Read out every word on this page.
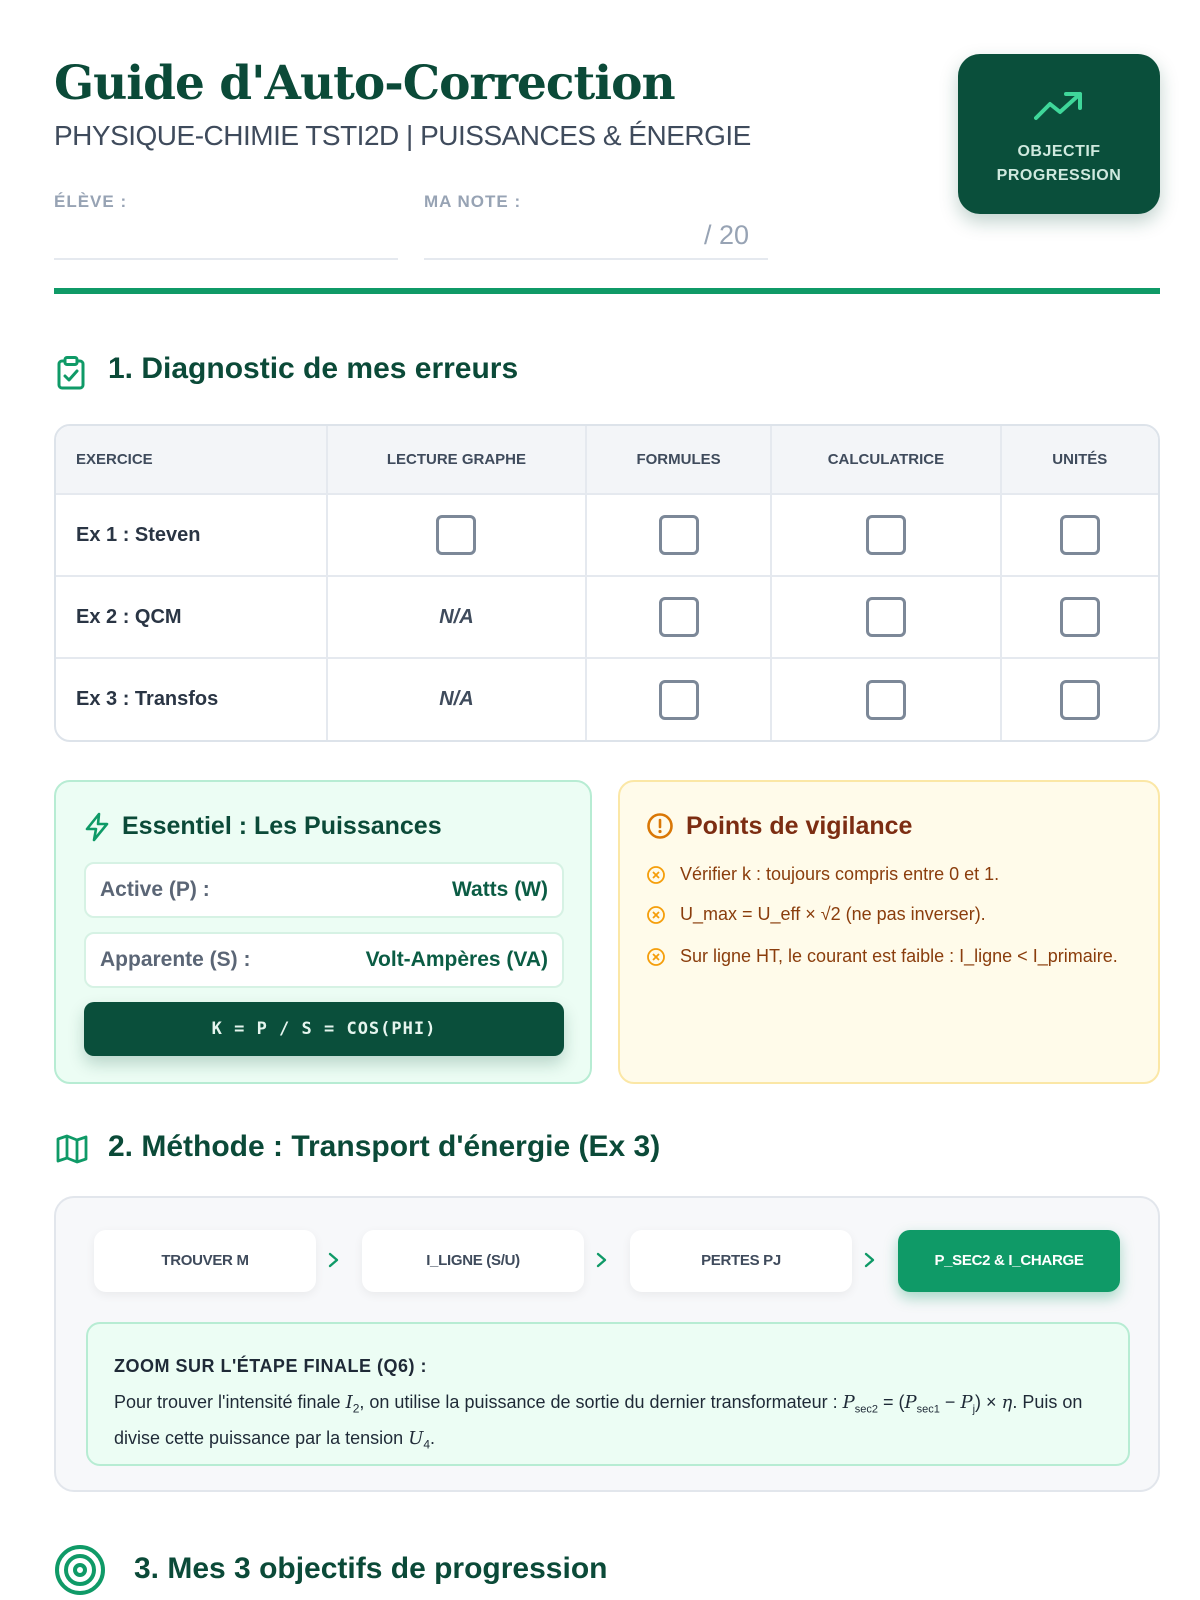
Guide d'Auto-Correction
PHYSIQUE-CHIMIE TSTI2D | PUISSANCES & ÉNERGIE
ÉLÈVE :	MA NOTE :
/ 20
OBJECTIF
PROGRESSION
1. Diagnostic de mes erreurs
EXERCICE	LECTURE GRAPHE	FORMULES	CALCULATRICE	UNITÉS
Ex 1 : Steven				
Ex 2 : QCM	N/A			
Ex 3 : Transfos	N/A			
Essentiel : Les Puissances
Active (P) :	Watts (W)
Apparente (S) :	Volt-Ampères (VA)
K = P / S = COS(PHI)
Points de vigilance
Vérifier k : toujours compris entre 0 et 1.
U_max = U_eff × √2 (ne pas inverser).
Sur ligne HT, le courant est faible : I_ligne < I_primaire.
2. Méthode : Transport d'énergie (Ex 3)
TROUVER M	I_LIGNE (S/U)	PERTES PJ	P_SEC2 & I_CHARGE
ZOOM SUR L'ÉTAPE FINALE (Q6) :
Pour trouver l'intensité finale $I_2$, on utilise la puissance de sortie du dernier transformateur : $P_{sec2} = (P_{sec1} - P_j) \times \eta$. Puis on divise cette puissance par la tension $U_4$.
3. Mes 3 objectifs de progression
